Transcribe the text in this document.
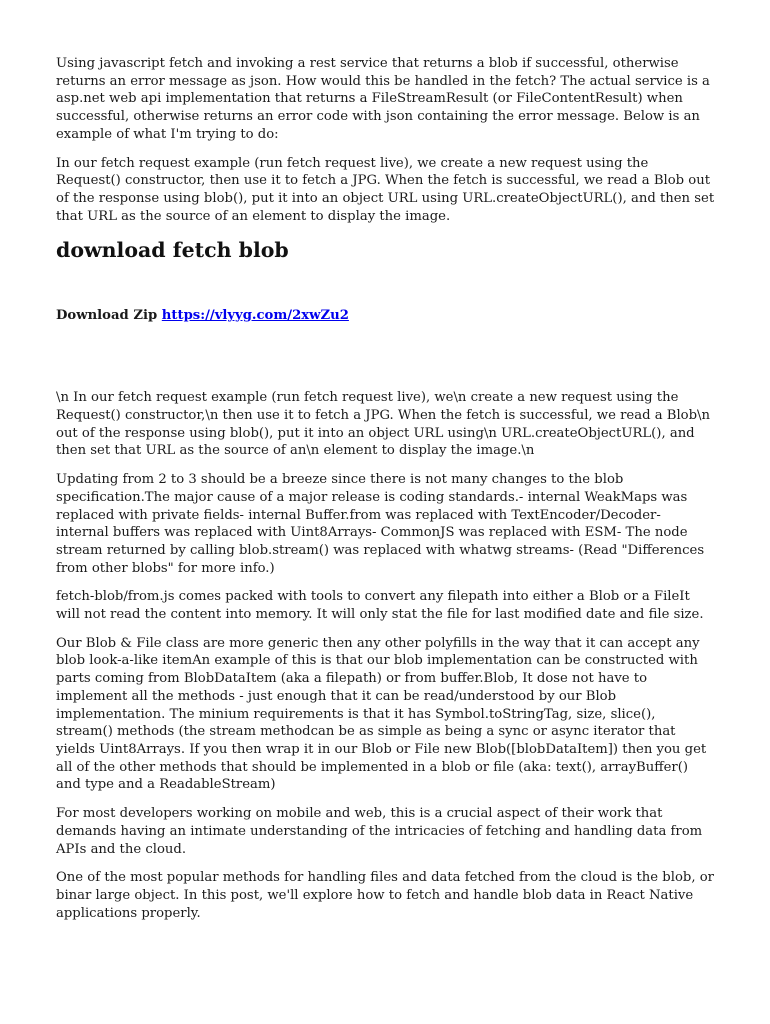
Using javascript fetch and invoking a rest service that returns a blob if successful, otherwise returns an error message as json. How would this be handled in the fetch? The actual service is a asp.net web api implementation that returns a FileStreamResult (or FileContentResult) when successful, otherwise returns an error code with json containing the error message. Below is an example of what I'm trying to do:

In our fetch request example (run fetch request live), we create a new request using the Request() constructor, then use it to fetch a JPG. When the fetch is successful, we read a Blob out of the response using blob(), put it into an object URL using URL.createObjectURL(), and then set that URL as the source of an element to display the image.

download fetch blob
Download Zip https://vlyyg.com/2xwZu2

\n In our fetch request example (run fetch request live), we\n create a new request using the Request() constructor,\n then use it to fetch a JPG. When the fetch is successful, we read a Blob\n out of the response using blob(), put it into an object URL using\n URL.createObjectURL(), and then set that URL as the source of an\n element to display the image.\n

Updating from 2 to 3 should be a breeze since there is not many changes to the blob specification.The major cause of a major release is coding standards.- internal WeakMaps was replaced with private fields- internal Buffer.from was replaced with TextEncoder/Decoder- internal buffers was replaced with Uint8Arrays- CommonJS was replaced with ESM- The node stream returned by calling blob.stream() was replaced with whatwg streams- (Read "Differences from other blobs" for more info.)

fetch-blob/from.js comes packed with tools to convert any filepath into either a Blob or a FileIt will not read the content into memory. It will only stat the file for last modified date and file size.

Our Blob & File class are more generic then any other polyfills in the way that it can accept any blob look-a-like itemAn example of this is that our blob implementation can be constructed with parts coming from BlobDataItem (aka a filepath) or from buffer.Blob, It dose not have to implement all the methods - just enough that it can be read/understood by our Blob implementation. The minium requirements is that it has Symbol.toStringTag, size, slice(), stream() methods (the stream methodcan be as simple as being a sync or async iterator that yields Uint8Arrays. If you then wrap it in our Blob or File new Blob([blobDataItem]) then you get all of the other methods that should be implemented in a blob or file (aka: text(), arrayBuffer() and type and a ReadableStream)

For most developers working on mobile and web, this is a crucial aspect of their work that demands having an intimate understanding of the intricacies of fetching and handling data from APIs and the cloud.

One of the most popular methods for handling files and data fetched from the cloud is the blob, or binar large object. In this post, we'll explore how to fetch and handle blob data in React Native applications properly.
